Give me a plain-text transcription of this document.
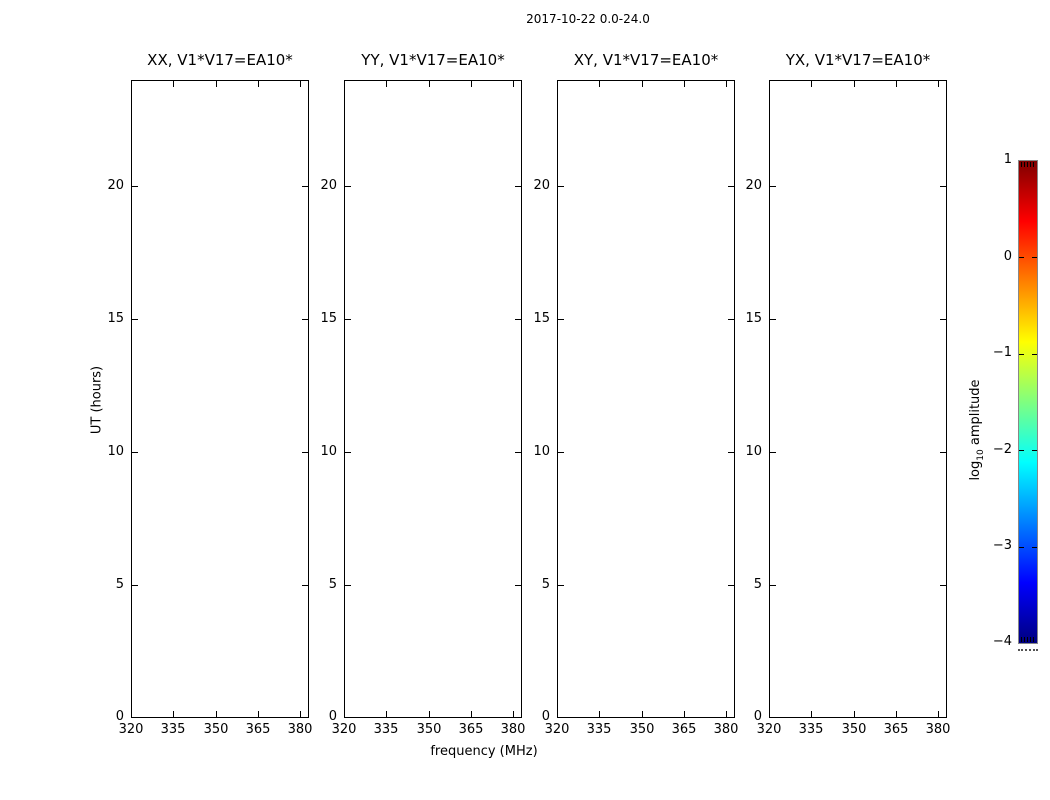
2017-10-22 0.0-24.0
XX, V1*V17=EA10*
20
15
10
5
0
320	335	350	365	380
YY, V1*V17=EA10*
20
15
10
5
0
320	335	350	365	380
XY, V1*V17=EA10*
20
15
10
5
0
320	335	350	365	380
YX, V1*V17=EA10*
20
15
10
5
0
320	335	350	365	380
UT (hours)
frequency (MHz)
1
0
−1
−2
−3
−4
$\log_{10}$ amplitude
